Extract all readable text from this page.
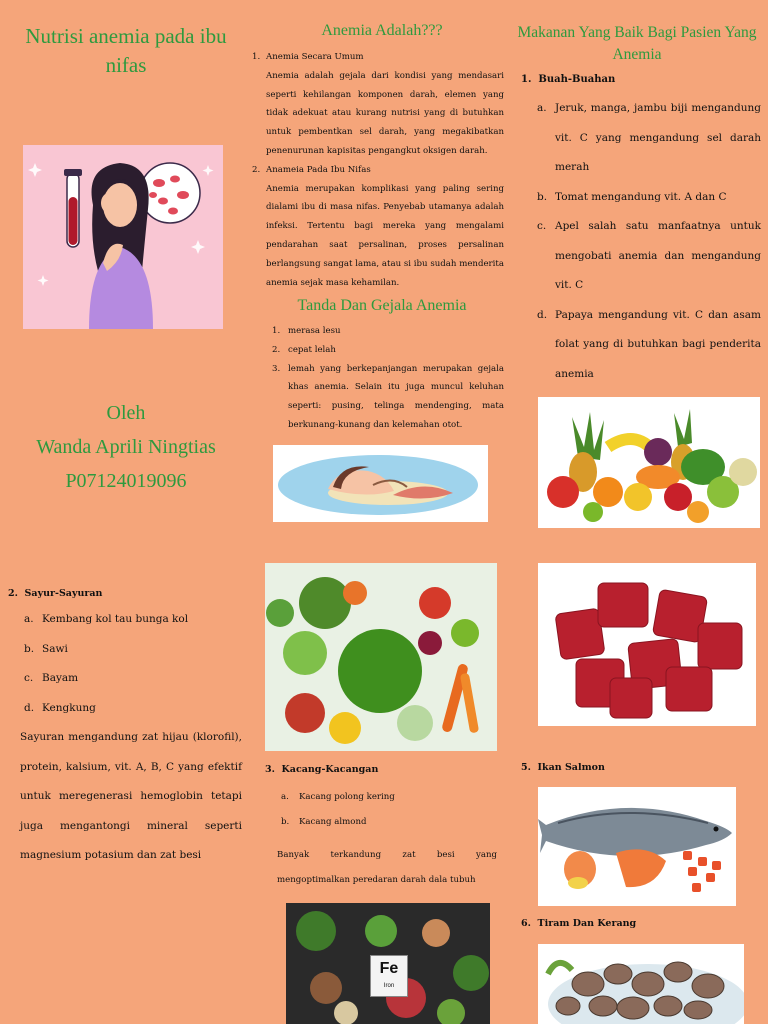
Nutrisi anemia pada ibu nifas
Oleh
Wanda Aprili Ningtias
P07124019096
2. Sayur-Sayuran
a. Kembang kol tau bunga kol
b. Sawi
c. Bayam
d. Kengkung
Sayuran mengandung zat hijau (klorofil), protein, kalsium, vit. A, B, C yang efektif untuk meregenerasi hemoglobin tetapi juga mengantongi mineral seperti magnesium potasium dan zat besi
Anemia Adalah???
1. Anemia Secara Umum
Anemia adalah gejala dari kondisi yang mendasari seperti kehilangan komponen darah, elemen yang tidak adekuat atau kurang nutrisi yang di butuhkan untuk pembentkan sel darah, yang megakibatkan penenurunan kapisitas pengangkut oksigen darah.
2. Anameia Pada Ibu Nifas
Anemia merupakan komplikasi yang paling sering dialami ibu di masa nifas. Penyebab utamanya adalah infeksi. Tertentu bagi mereka yang mengalami pendarahan saat persalinan, proses persalinan berlangsung sangat lama, atau si ibu sudah menderita anemia sejak masa kehamilan.
Tanda Dan Gejala Anemia
1. merasa lesu
2. cepat lelah
3. lemah yang berkepanjangan merupakan gejala khas anemia. Selain itu juga muncul keluhan seperti: pusing, telinga mendenging, mata berkunang-kunang dan kelemahan otot.
3. Kacang-Kacangan
a. Kacang polong kering
b. Kacang almond
Banyak terkandung zat besi yang mengoptimalkan peredaran darah dala tubuh
Fe
Iron
Makanan Yang Baik Bagi Pasien Yang Anemia
1. Buah-Buahan
a. Jeruk, manga, jambu biji mengandung vit. C yang mengandung sel darah merah
b. Tomat mengandung vit. A dan C
c. Apel salah satu manfaatnya untuk mengobati anemia dan mengandung vit. C
d. Papaya mengandung vit. C dan asam folat yang di butuhkan bagi penderita anemia
5. Ikan Salmon
6. Tiram Dan Kerang
